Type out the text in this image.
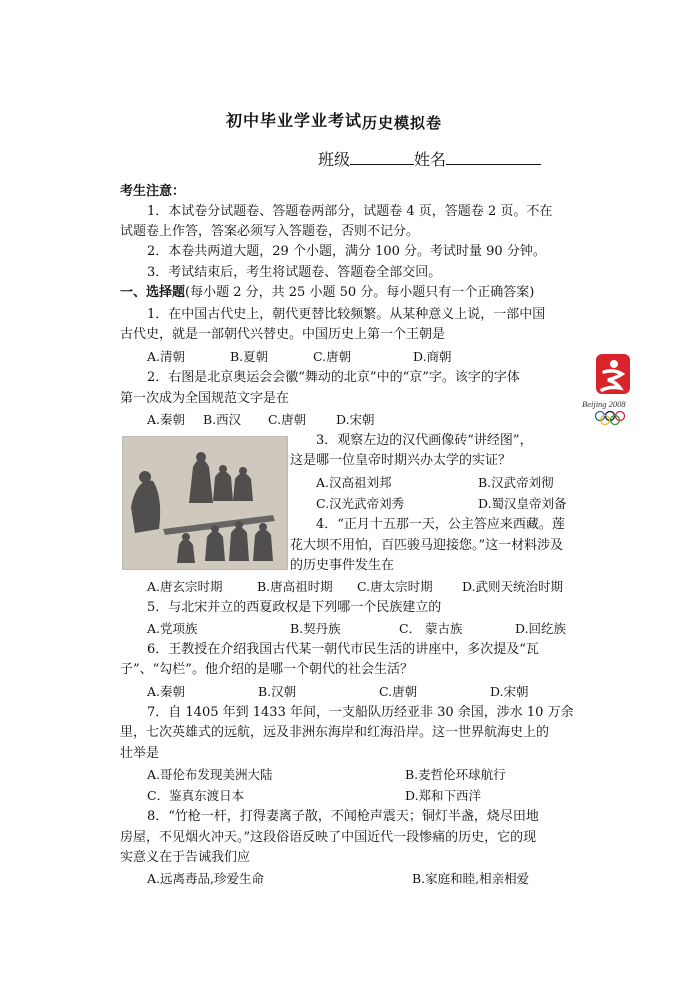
初中毕业学业考试历史模拟卷
班级	姓名
考生注意：
1．本试卷分试题卷、答题卷两部分，试题卷 4 页，答题卷 2 页。不在
试题卷上作答，答案必须写入答题卷，否则不记分。
2．本卷共两道大题，29 个小题，满分 100 分。考试时量 90 分钟。
3．考试结束后，考生将试题卷、答题卷全部交回。
一、选择题(每小题 2 分，共 25 小题 50 分。每小题只有一个正确答案)
1．在中国古代史上，朝代更替比较频繁。从某种意义上说，一部中国
古代史，就是一部朝代兴替史。中国历史上第一个王朝是
A.清朝	B.夏朝	C.唐朝	D.商朝
2．右图是北京奥运会会徽“舞动的北京”中的“京”字。该字的字体
第一次成为全国规范文字是在
A.秦朝 B.西汉 C.唐朝 D.宋朝
Beijing 2008
3．观察左边的汉代画像砖“讲经图”，
这是哪一位皇帝时期兴办太学的实证？
A.汉高祖刘邦	B.汉武帝刘彻
C.汉光武帝刘秀	D.蜀汉皇帝刘备
4．“正月十五那一天，公主答应来西藏。莲
花大坝不用怕，百匹骏马迎接您。”这一材料涉及
的历史事件发生在
A.唐玄宗时期	B.唐高祖时期 C.唐太宗时期 D.武则天统治时期
5．与北宋并立的西夏政权是下列哪一个民族建立的
A.党项族	B.契丹族	C． 蒙古族	D.回纥族
6．王教授在介绍我国古代某一朝代市民生活的讲座中，多次提及“瓦
子”、“勾栏”。他介绍的是哪一个朝代的社会生活？
A.秦朝	B.汉朝	C.唐朝	D.宋朝
7．自 1405 年到 1433 年间，一支船队历经亚非 30 余国，涉水 10 万余
里，七次英雄式的远航，远及非洲东海岸和红海沿岸。这一世界航海史上的
壮举是
A.哥伦布发现美洲大陆	B.麦哲伦环球航行
C．鉴真东渡日本	D.郑和下西洋
8．“竹枪一杆，打得妻离子散，不闻枪声震天；铜灯半盏，烧尽田地
房屋，不见烟火冲天。”这段俗语反映了中国近代一段惨痛的历史，它的现
实意义在于告诫我们应
A.远离毒品,珍爱生命	B.家庭和睦,相亲相爱
